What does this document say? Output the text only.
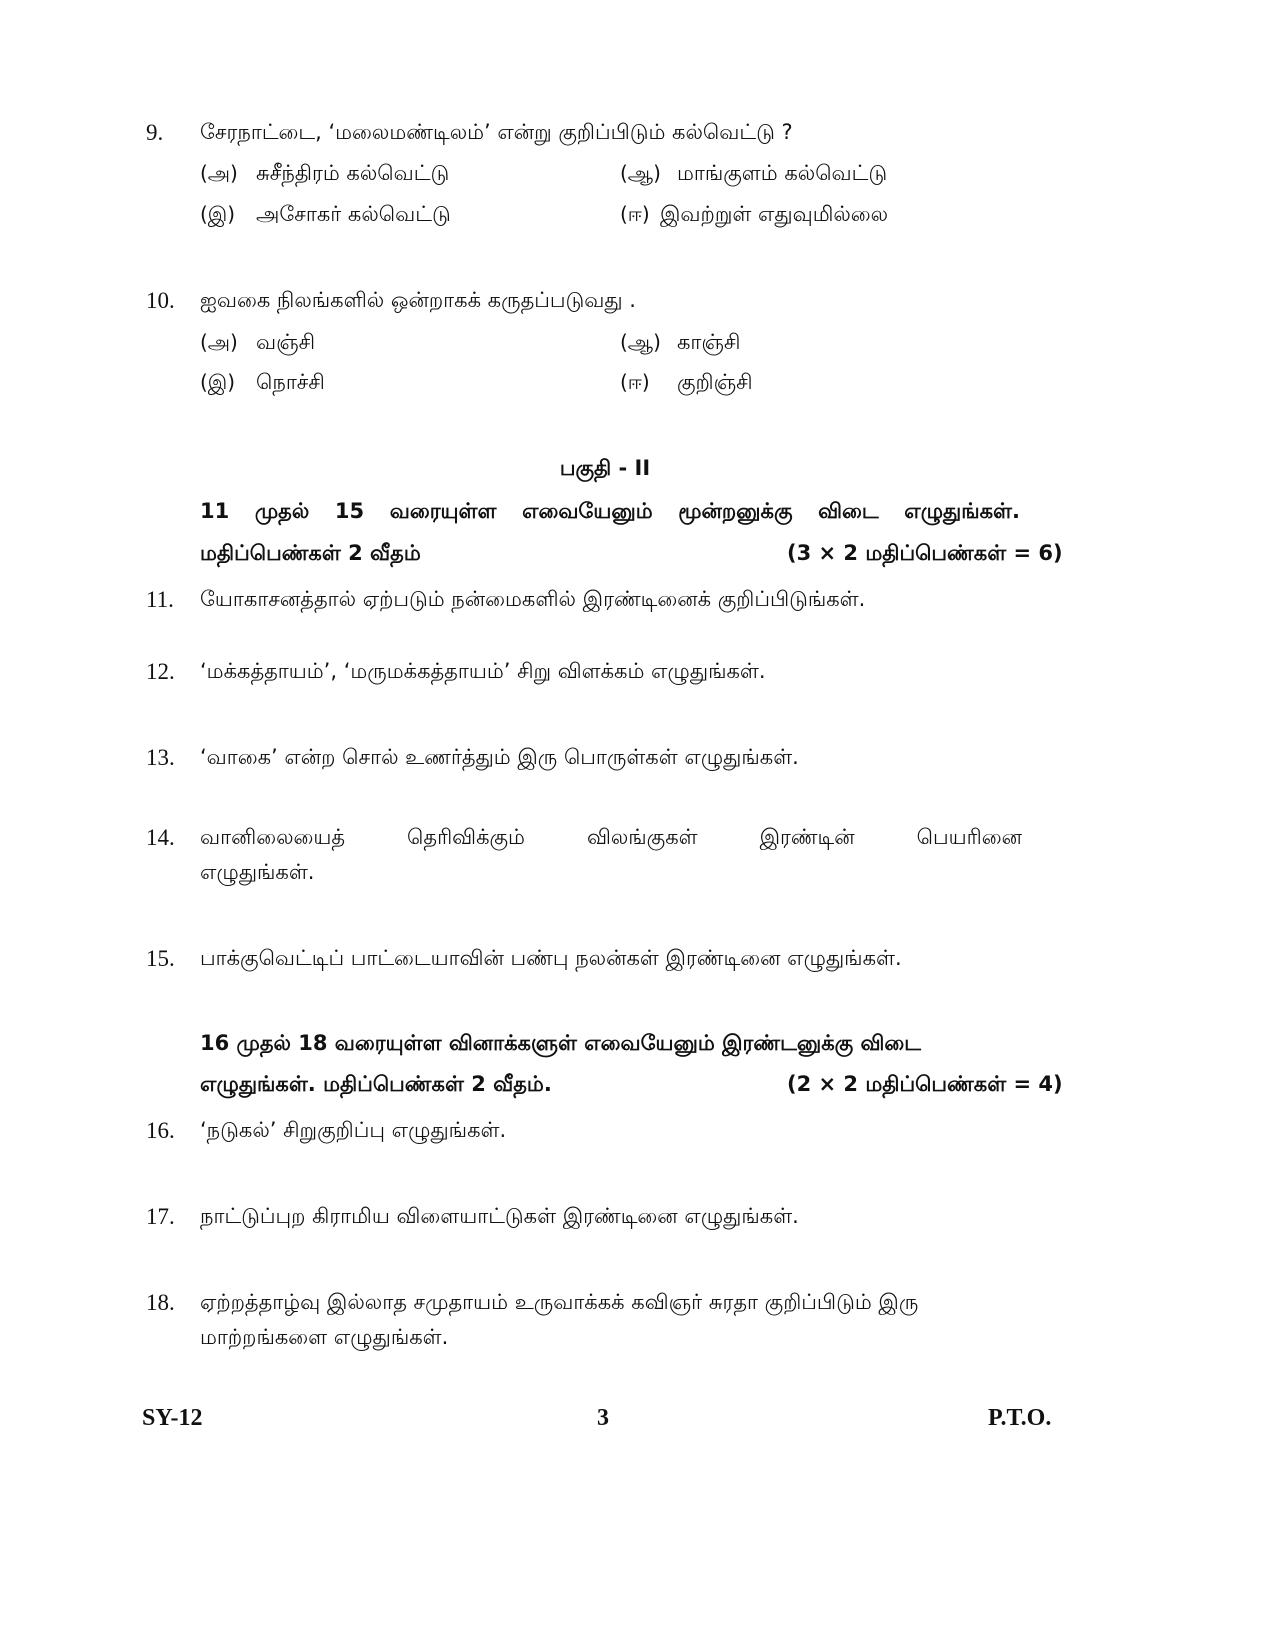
9. சேரநாட்டை, ‘மலைமண்டிலம்’ என்று குறிப்பிடும் கல்வெட்டு ?
(அ) சுசீந்திரம் கல்வெட்டு	(ஆ) மாங்குளம் கல்வெட்டு
(இ) அசோகர் கல்வெட்டு	(ஈ) இவற்றுள் எதுவுமில்லை
10. ஐவகை நிலங்களில் ஒன்றாகக் கருதப்படுவது .
(அ) வஞ்சி	(ஆ) காஞ்சி
(இ) நொச்சி	(ஈ) குறிஞ்சி
பகுதி - II
11 முதல் 15 வரையுள்ள எவையேனும் மூன்றனுக்கு விடை எழுதுங்கள்.
மதிப்பெண்கள் 2 வீதம்	(3 × 2 மதிப்பெண்கள் = 6)
11. யோகாசனத்தால் ஏற்படும் நன்மைகளில் இரண்டினைக் குறிப்பிடுங்கள்.
12. ‘மக்கத்தாயம்’, ‘மருமக்கத்தாயம்’ சிறு விளக்கம் எழுதுங்கள்.
13. ‘வாகை’ என்ற சொல் உணர்த்தும் இரு பொருள்கள் எழுதுங்கள்.
14. வானிலையைத்	தெரிவிக்கும்	விலங்குகள்	இரண்டின்	பெயரினை
எழுதுங்கள்.
15. பாக்குவெட்டிப் பாட்டையாவின் பண்பு நலன்கள் இரண்டினை எழுதுங்கள்.
16 முதல் 18 வரையுள்ள வினாக்களுள் எவையேனும் இரண்டனுக்கு விடை
எழுதுங்கள். மதிப்பெண்கள் 2 வீதம்.	(2 × 2 மதிப்பெண்கள் = 4)
16. ‘நடுகல்’ சிறுகுறிப்பு எழுதுங்கள்.
17. நாட்டுப்புற கிராமிய விளையாட்டுகள் இரண்டினை எழுதுங்கள்.
18. ஏற்றத்தாழ்வு இல்லாத சமுதாயம் உருவாக்கக் கவிஞர் சுரதா குறிப்பிடும் இரு
மாற்றங்களை எழுதுங்கள்.
SY-12	3	P.T.O.
